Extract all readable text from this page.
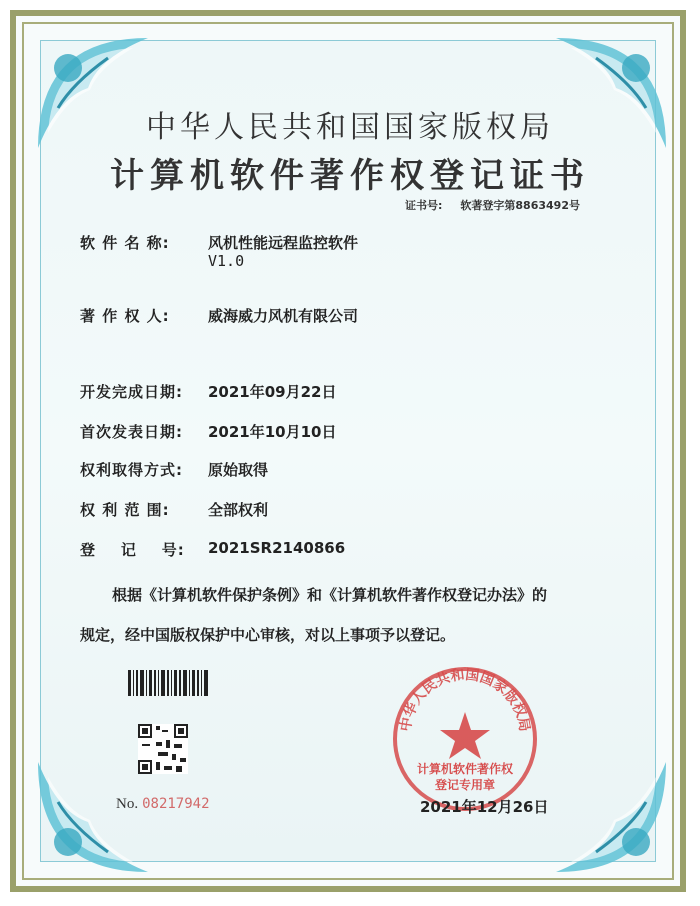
中华人民共和国国家版权局
计算机软件著作权登记证书
证书号: 软著登字第8863492号
软 件 名 称:	风机性能远程监控软件
V1.0
著 作 权 人:	威海威力风机有限公司
开发完成日期: 2021年09月22日
首次发表日期: 2021年10月10日
权利取得方式: 原始取得
权 利 范 围:	全部权利
登    记    号: 2021SR2140866
根据《计算机软件保护条例》和《计算机软件著作权登记办法》的
规定，经中国版权保护中心审核，对以上事项予以登记。
No. 08217942
中华人民共和国国家版权局
计算机软件著作权
登记专用章
2021年12月26日
